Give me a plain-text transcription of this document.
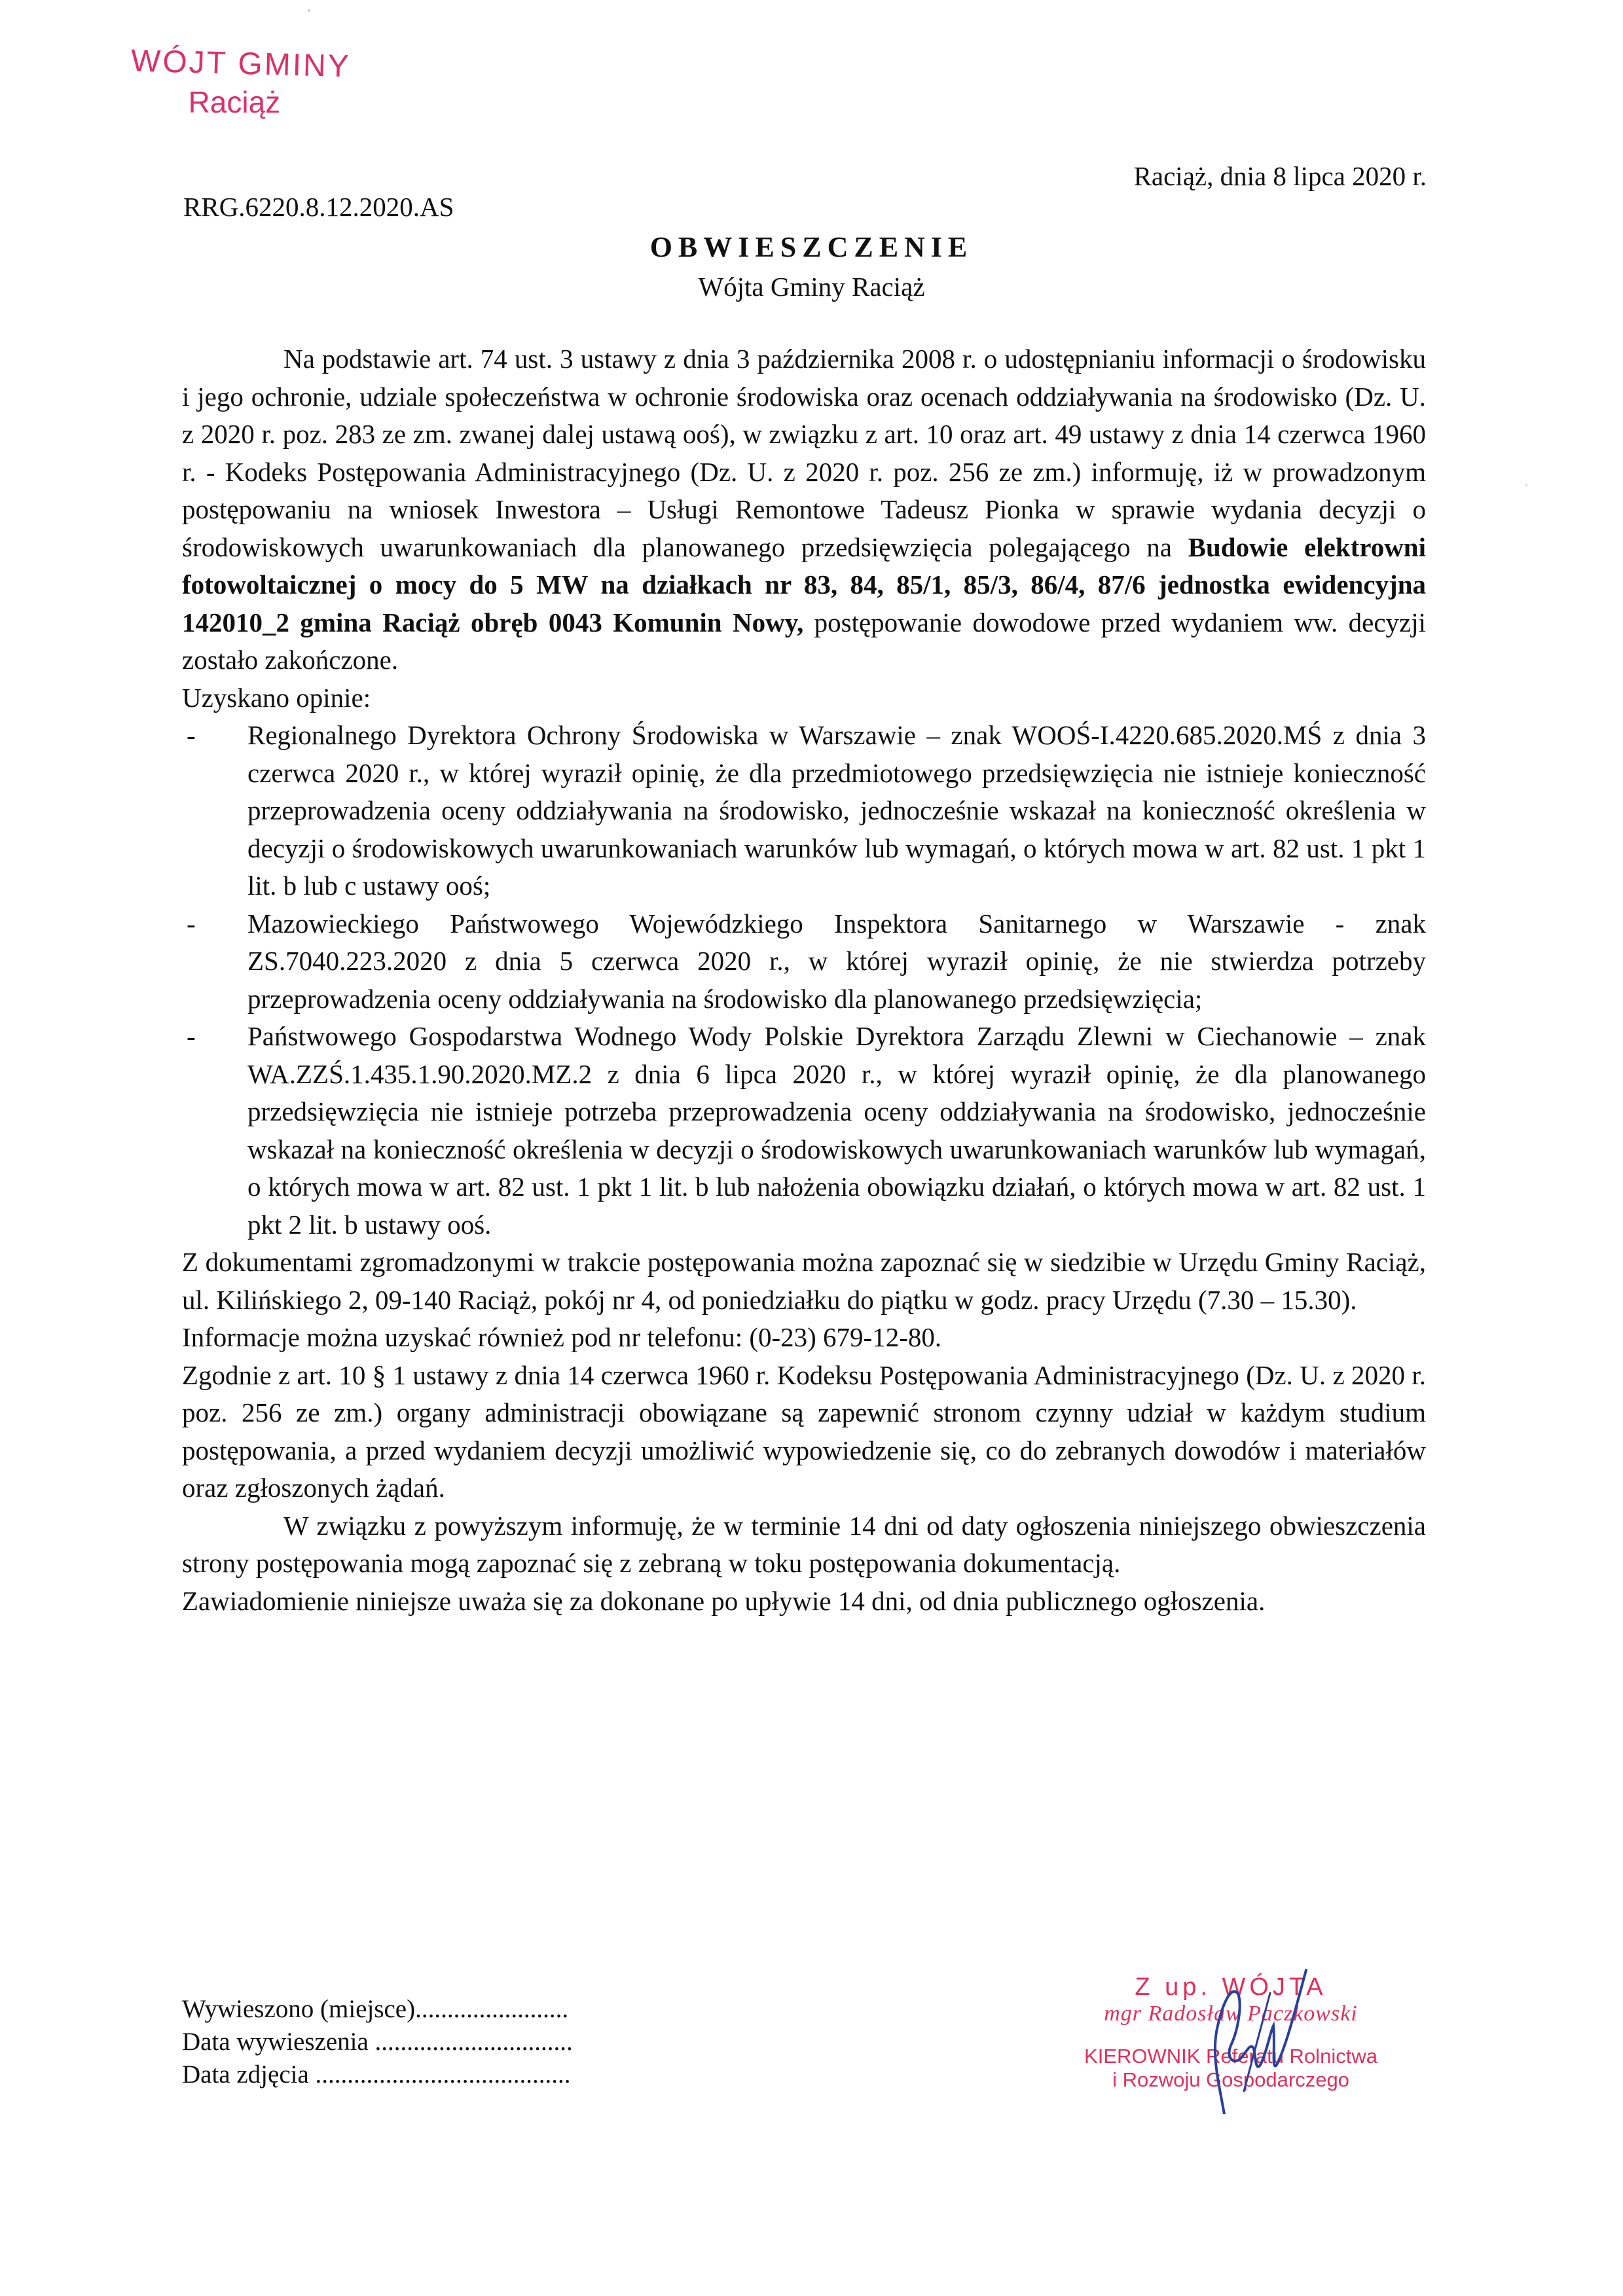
WÓJT GMINY
Raciąż
RRG.6220.8.12.2020.AS
Raciąż, dnia 8 lipca 2020 r.
OBWIESZCZENIE
Wójta Gminy Raciąż

Na podstawie art. 74 ust. 3 ustawy z dnia 3 października 2008 r. o udostępnianiu informacji o środowisku i jego ochronie, udziale społeczeństwa w ochronie środowiska oraz ocenach oddziaływania na środowisko (Dz. U. z 2020 r. poz. 283 ze zm. zwanej dalej ustawą ooś), w związku z art. 10 oraz art. 49 ustawy z dnia 14 czerwca 1960 r. - Kodeks Postępowania Administracyjnego (Dz. U. z 2020 r. poz. 256 ze zm.) informuję, iż w prowadzonym postępowaniu na wniosek Inwestora – Usługi Remontowe Tadeusz Pionka w sprawie wydania decyzji o środowiskowych uwarunkowaniach dla planowanego przedsięwzięcia polegającego na Budowie elektrowni fotowoltaicznej o mocy do 5 MW na działkach nr 83, 84, 85/1, 85/3, 86/4, 87/6 jednostka ewidencyjna 142010_2 gmina Raciąż obręb 0043 Komunin Nowy, postępowanie dowodowe przed wydaniem ww. decyzji zostało zakończone.

Uzyskano opinie:

- Regionalnego Dyrektora Ochrony Środowiska w Warszawie – znak WOOŚ-I.4220.685.2020.MŚ z dnia 3 czerwca 2020 r., w której wyraził opinię, że dla przedmiotowego przedsięwzięcia nie istnieje konieczność przeprowadzenia oceny oddziaływania na środowisko, jednocześnie wskazał na konieczność określenia w decyzji o środowiskowych uwarunkowaniach warunków lub wymagań, o których mowa w art. 82 ust. 1 pkt 1 lit. b lub c ustawy ooś;
- Mazowieckiego Państwowego Wojewódzkiego Inspektora Sanitarnego w Warszawie - znak ZS.7040.223.2020 z dnia 5 czerwca 2020 r., w której wyraził opinię, że nie stwierdza potrzeby przeprowadzenia oceny oddziaływania na środowisko dla planowanego przedsięwzięcia;
- Państwowego Gospodarstwa Wodnego Wody Polskie Dyrektora Zarządu Zlewni w Ciechanowie – znak WA.ZZŚ.1.435.1.90.2020.MZ.2 z dnia 6 lipca 2020 r., w której wyraził opinię, że dla planowanego przedsięwzięcia nie istnieje potrzeba przeprowadzenia oceny oddziaływania na środowisko, jednocześnie wskazał na konieczność określenia w decyzji o środowiskowych uwarunkowaniach warunków lub wymagań, o których mowa w art. 82 ust. 1 pkt 1 lit. b lub nałożenia obowiązku działań, o których mowa w art. 82 ust. 1 pkt 2 lit. b ustawy ooś.

Z dokumentami zgromadzonymi w trakcie postępowania można zapoznać się w siedzibie w Urzędu Gminy Raciąż, ul. Kilińskiego 2, 09-140 Raciąż, pokój nr 4, od poniedziałku do piątku w godz. pracy Urzędu (7.30 – 15.30).

Informacje można uzyskać również pod nr telefonu: (0-23) 679-12-80.

Zgodnie z art. 10 § 1 ustawy z dnia 14 czerwca 1960 r. Kodeksu Postępowania Administracyjnego (Dz. U. z 2020 r. poz. 256 ze zm.) organy administracji obowiązane są zapewnić stronom czynny udział w każdym studium postępowania, a przed wydaniem decyzji umożliwić wypowiedzenie się, co do zebranych dowodów i materiałów oraz zgłoszonych żądań.

W związku z powyższym informuję, że w terminie 14 dni od daty ogłoszenia niniejszego obwieszczenia strony postępowania mogą zapoznać się z zebraną w toku postępowania dokumentacją.

Zawiadomienie niniejsze uważa się za dokonane po upływie 14 dni, od dnia publicznego ogłoszenia.

Wywieszono (miejsce)........................
Data wywieszenia ...............................
Data zdjęcia ........................................
Z up. WÓJTA
mgr Radosław Paczkowski
KIEROWNIK Referatu Rolnictwa
i Rozwoju Gospodarczego
